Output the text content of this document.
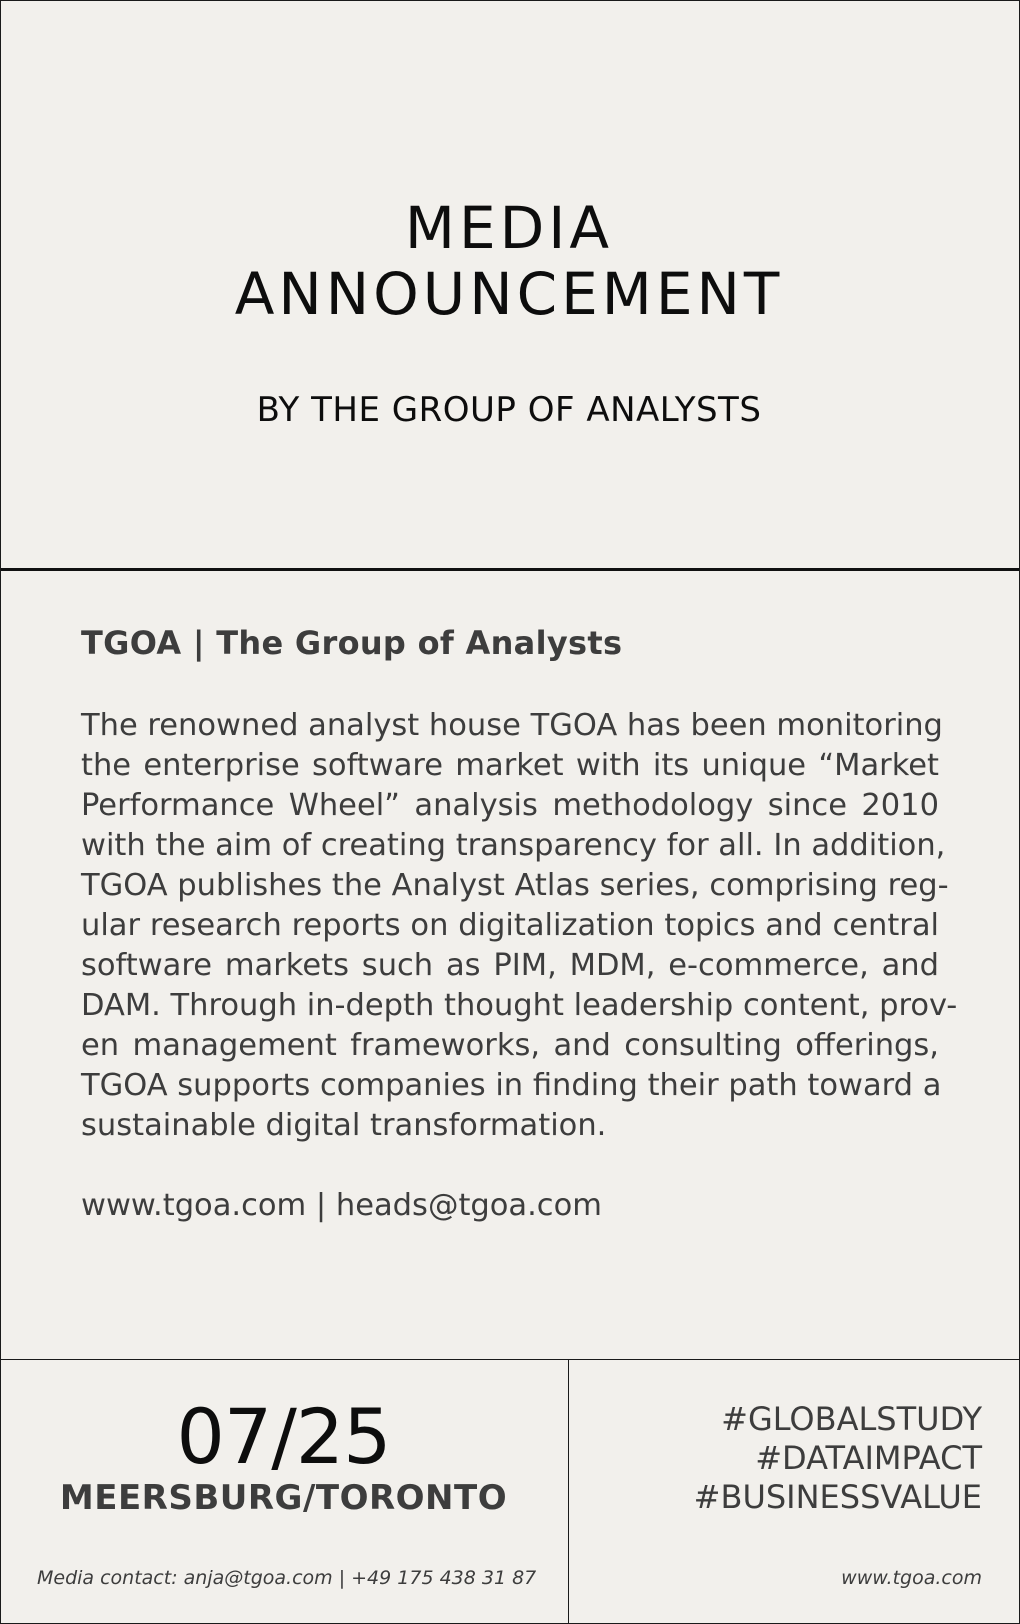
MEDIA
ANNOUNCEMENT
BY THE GROUP OF ANALYSTS
TGOA | The Group of Analysts
The renowned analyst house TGOA has been monitoring
the enterprise software market with its unique “Market
Performance Wheel” analysis methodology since 2010
with the aim of creating transparency for all. In addition,
TGOA publishes the Analyst Atlas series, comprising reg-
ular research reports on digitalization topics and central
software markets such as PIM, MDM, e-commerce, and
DAM. Through in-depth thought leadership content, prov-
en management frameworks, and consulting offerings,
TGOA supports companies in finding their path toward a
sustainable digital transformation.
www.tgoa.com | heads@tgoa.com
07/25
MEERSBURG/TORONTO
Media contact: anja@tgoa.com | +49 175 438 31 87
#GLOBALSTUDY
#DATAIMPACT
#BUSINESSVALUE
www.tgoa.com
